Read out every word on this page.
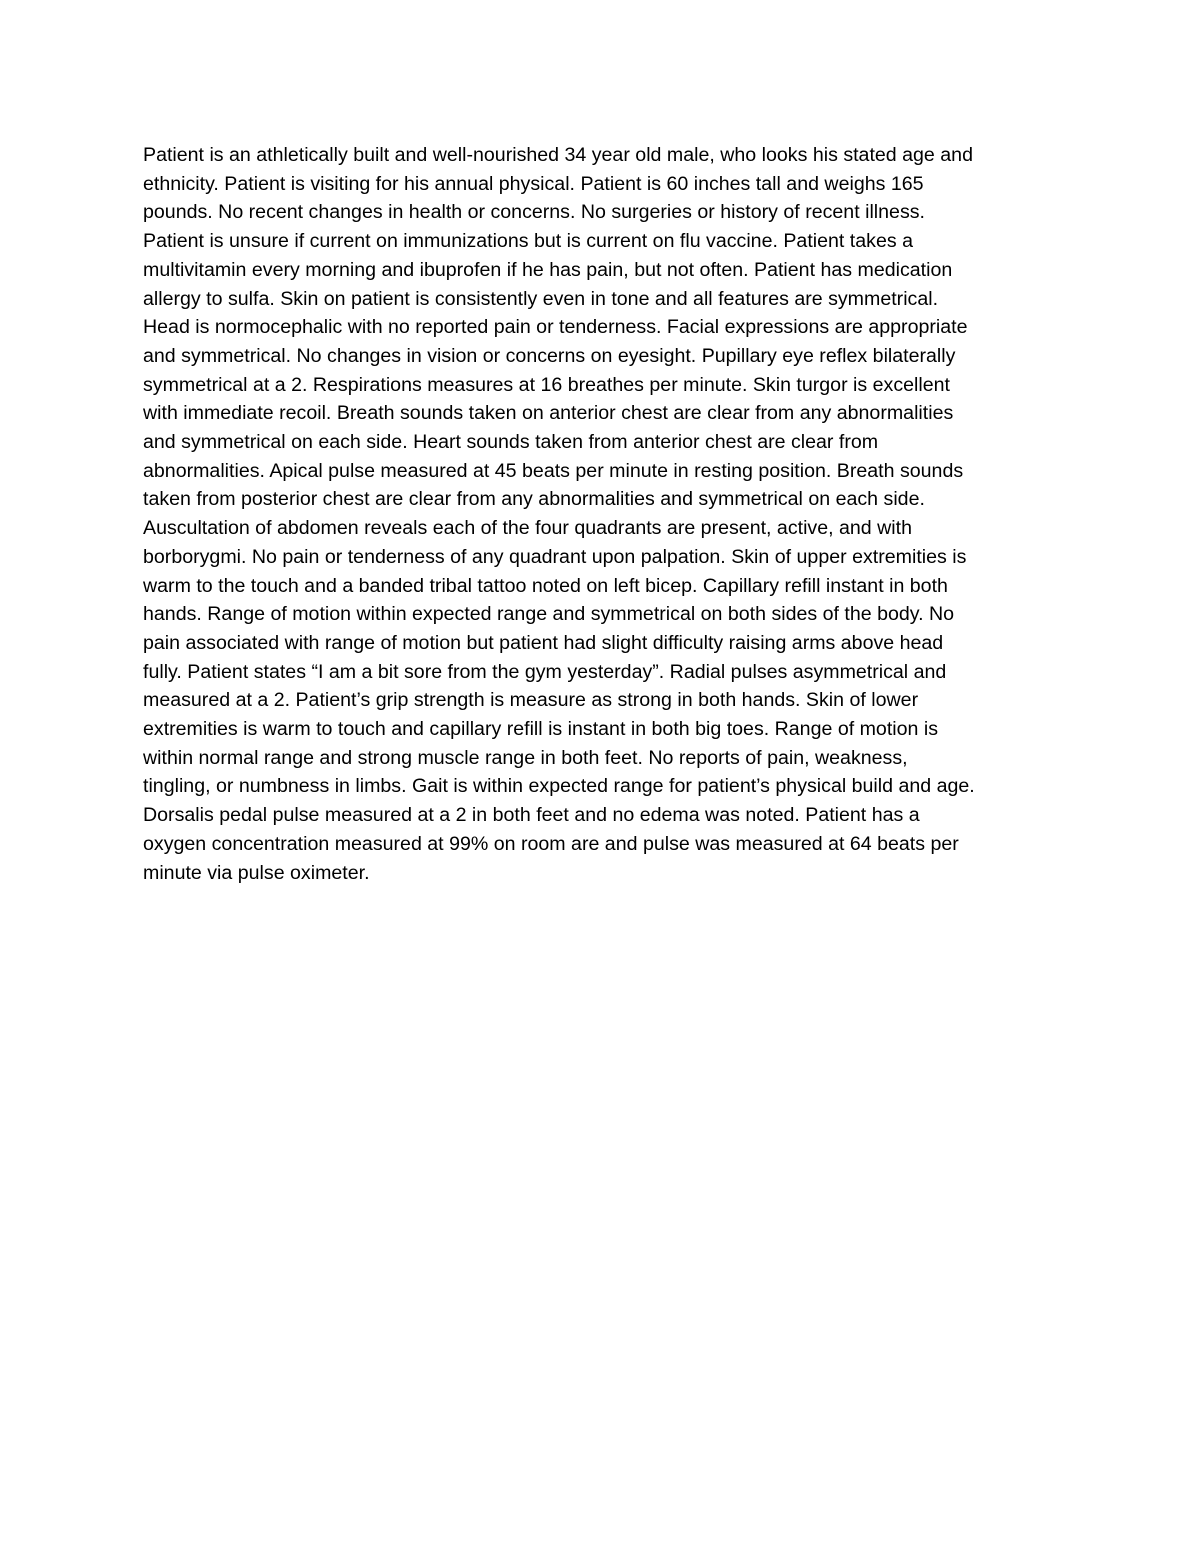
Patient is an athletically built and well-nourished 34 year old male, who looks his stated age and
ethnicity. Patient is visiting for his annual physical. Patient is 60 inches tall and weighs 165
pounds. No recent changes in health or concerns. No surgeries or history of recent illness.
Patient is unsure if current on immunizations but is current on flu vaccine. Patient takes a
multivitamin every morning and ibuprofen if he has pain, but not often. Patient has medication
allergy to sulfa. Skin on patient is consistently even in tone and all features are symmetrical.
Head is normocephalic with no reported pain or tenderness. Facial expressions are appropriate
and symmetrical. No changes in vision or concerns on eyesight. Pupillary eye reflex bilaterally
symmetrical at a 2. Respirations measures at 16 breathes per minute. Skin turgor is excellent
with immediate recoil. Breath sounds taken on anterior chest are clear from any abnormalities
and symmetrical on each side. Heart sounds taken from anterior chest are clear from
abnormalities. Apical pulse measured at 45 beats per minute in resting position. Breath sounds
taken from posterior chest are clear from any abnormalities and symmetrical on each side.
Auscultation of abdomen reveals each of the four quadrants are present, active, and with
borborygmi. No pain or tenderness of any quadrant upon palpation. Skin of upper extremities is
warm to the touch and a banded tribal tattoo noted on left bicep. Capillary refill instant in both
hands. Range of motion within expected range and symmetrical on both sides of the body. No
pain associated with range of motion but patient had slight difficulty raising arms above head
fully. Patient states “I am a bit sore from the gym yesterday”. Radial pulses asymmetrical and
measured at a 2. Patient’s grip strength is measure as strong in both hands. Skin of lower
extremities is warm to touch and capillary refill is instant in both big toes. Range of motion is
within normal range and strong muscle range in both feet. No reports of pain, weakness,
tingling, or numbness in limbs. Gait is within expected range for patient’s physical build and age.
Dorsalis pedal pulse measured at a 2 in both feet and no edema was noted. Patient has a
oxygen concentration measured at 99% on room are and pulse was measured at 64 beats per
minute via pulse oximeter.
